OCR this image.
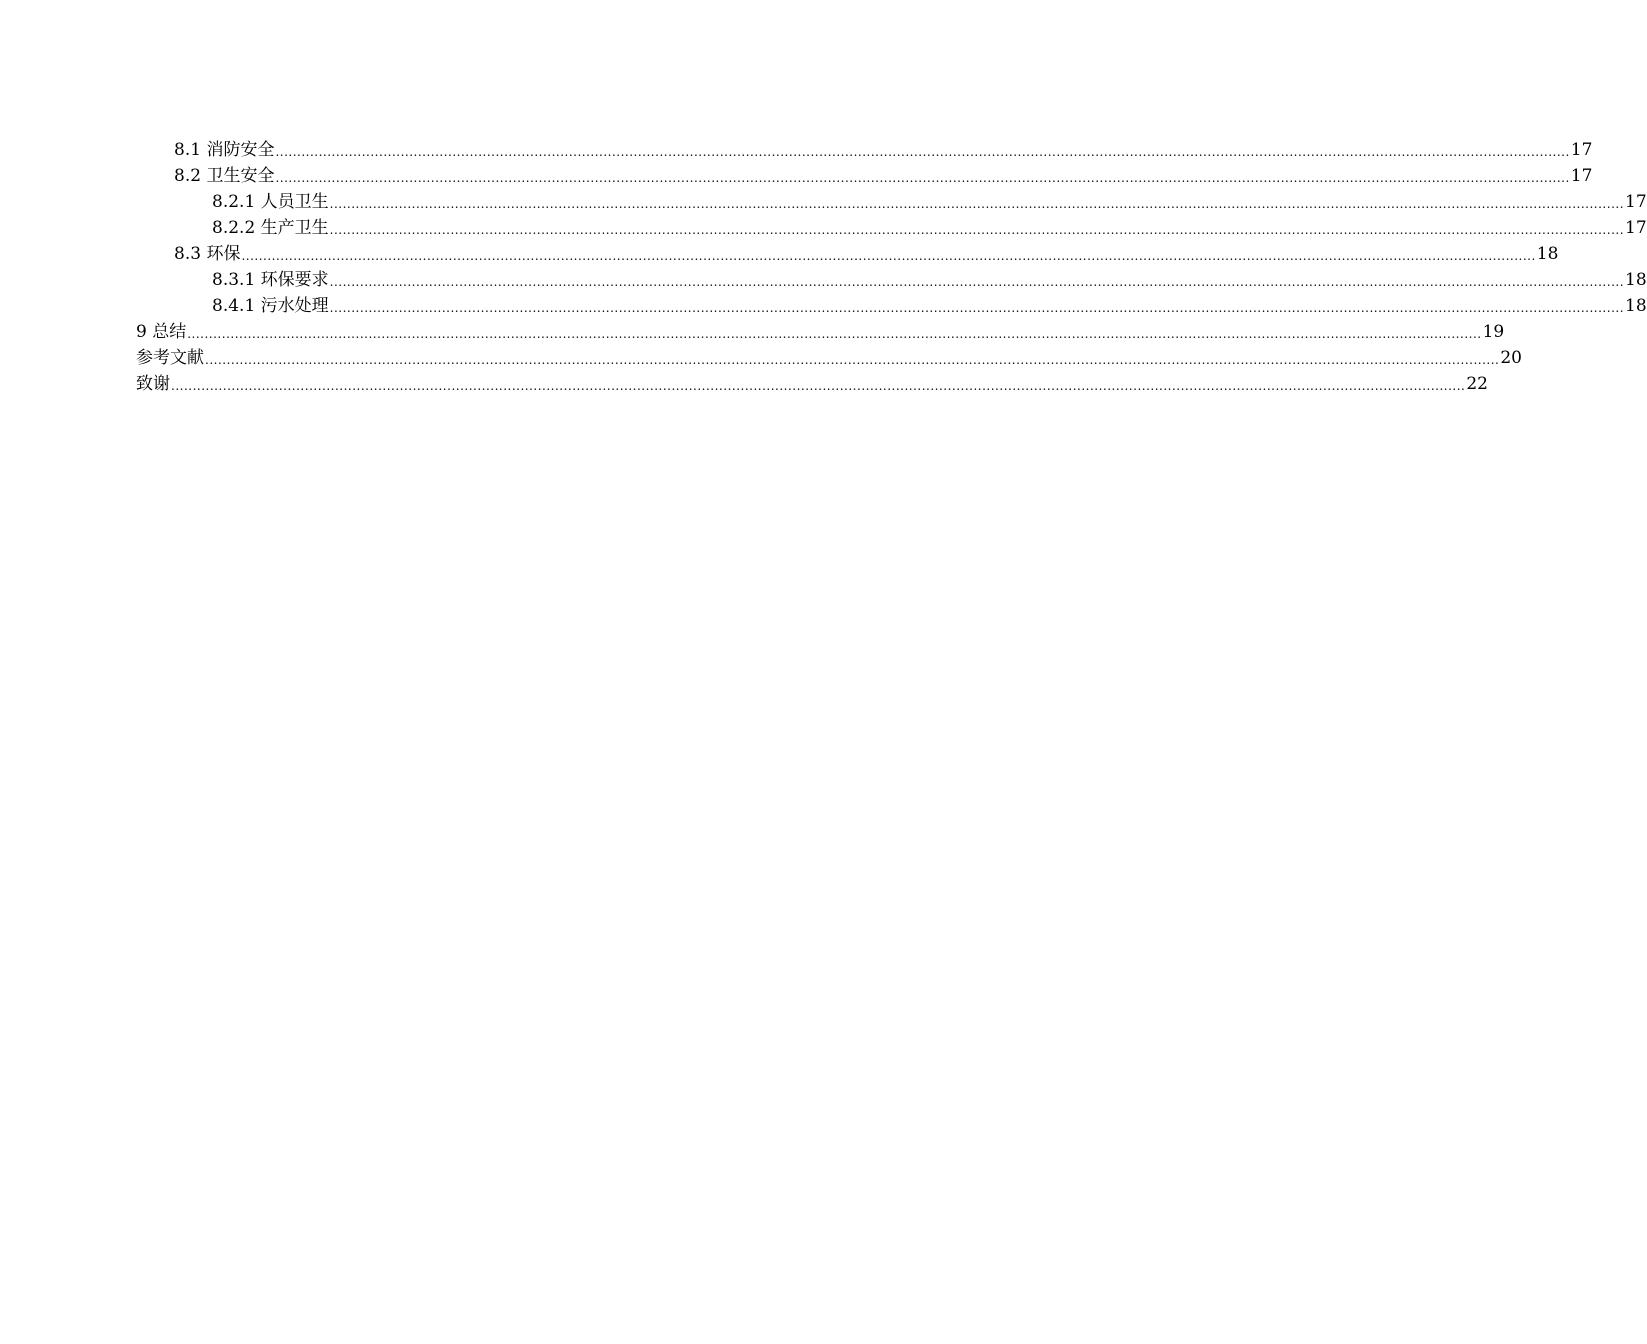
8.1 消防安全 ............................................................................................................................................................................................................................................................................................................ 17
8.2 卫生安全 ............................................................................................................................................................................................................................................................................................................ 17
8.2.1 人员卫生 ............................................................................................................................................................................................................................................................................................................ 17
8.2.2 生产卫生 ............................................................................................................................................................................................................................................................................................................ 17
8.3 环保 ............................................................................................................................................................................................................................................................................................................ 18
8.3.1 环保要求 ............................................................................................................................................................................................................................................................................................................ 18
8.4.1 污水处理 ............................................................................................................................................................................................................................................................................................................ 18
9 总结 ............................................................................................................................................................................................................................................................................................................ 19
参考文献 ............................................................................................................................................................................................................................................................................................................ 20
致谢 ............................................................................................................................................................................................................................................................................................................ 22
